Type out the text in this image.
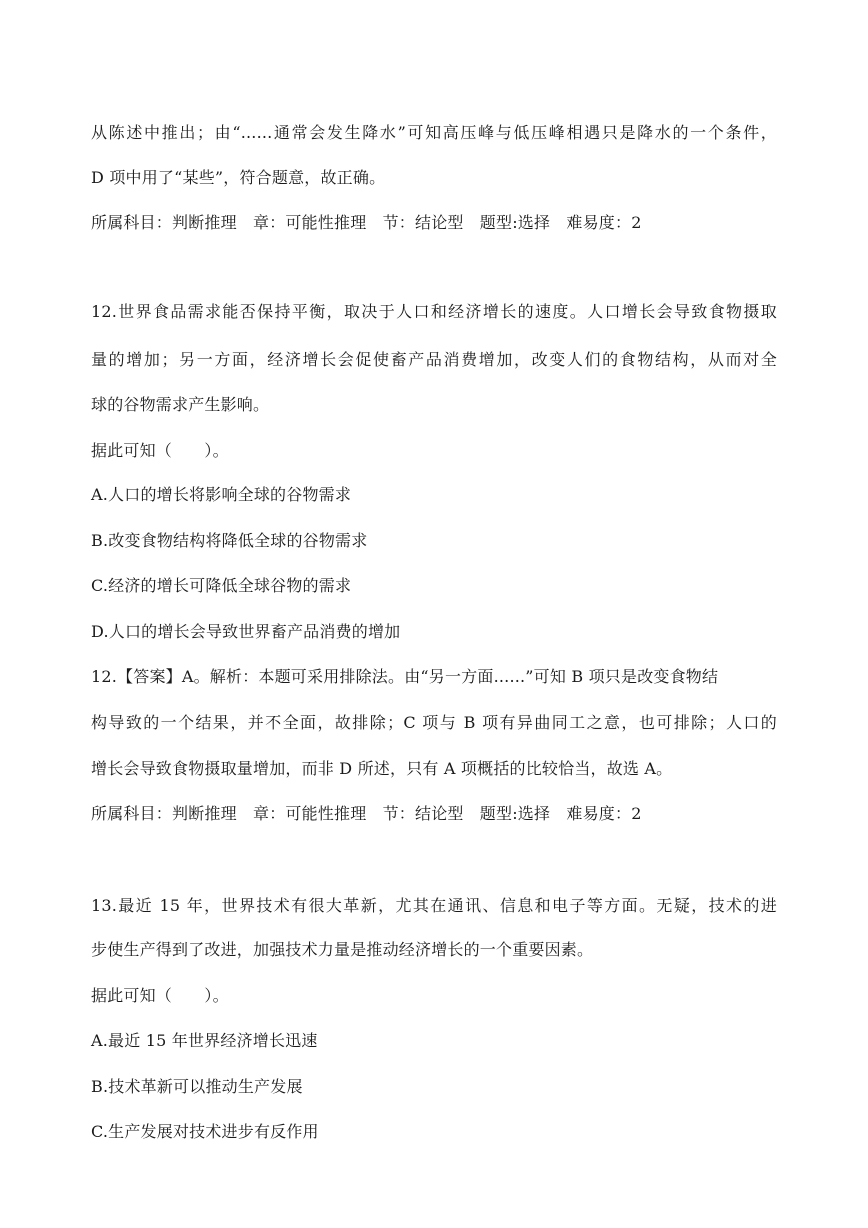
从陈述中推出；由“......通常会发生降水”可知高压峰与低压峰相遇只是降水的一个条件，

D 项中用了“某些”，符合题意，故正确。

所属科目：判断推理　章：可能性推理　节：结论型　题型:选择　难易度：2

12.世界食品需求能否保持平衡，取决于人口和经济增长的速度。人口增长会导致食物摄取

量的增加；另一方面，经济增长会促使畜产品消费增加，改变人们的食物结构，从而对全

球的谷物需求产生影响。

据此可知（　　）。

A.人口的增长将影响全球的谷物需求

B.改变食物结构将降低全球的谷物需求

C.经济的增长可降低全球谷物的需求

D.人口的增长会导致世界畜产品消费的增加

12.【答案】A。解析：本题可采用排除法。由“另一方面......”可知 B 项只是改变食物结

构导致的一个结果，并不全面，故排除；C 项与 B 项有异曲同工之意，也可排除；人口的

增长会导致食物摄取量增加，而非 D 所述，只有 A 项概括的比较恰当，故选 A。

所属科目：判断推理　章：可能性推理　节：结论型　题型:选择　难易度：2

13.最近 15 年，世界技术有很大革新，尤其在通讯、信息和电子等方面。无疑，技术的进

步使生产得到了改进，加强技术力量是推动经济增长的一个重要因素。

据此可知（　　）。

A.最近 15 年世界经济增长迅速

B.技术革新可以推动生产发展

C.生产发展对技术进步有反作用
